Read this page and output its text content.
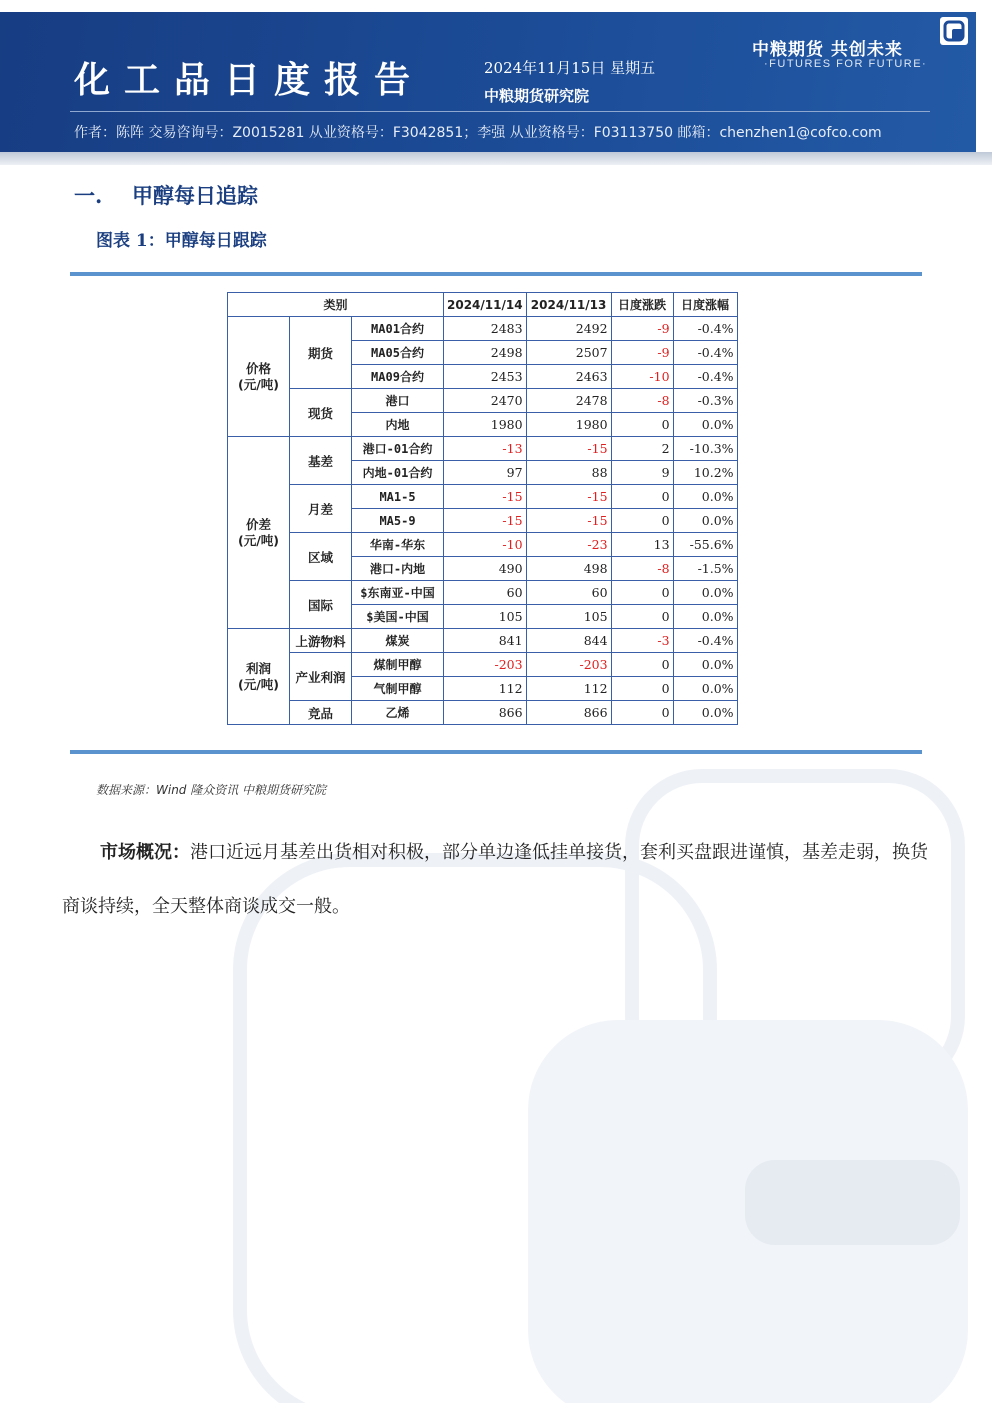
化工品日度报告	2024年11月15日 星期五
中粮期货研究院
作者：陈阵 交易咨询号：Z0015281 从业资格号：F3042851；李强 从业资格号：F03113750 邮箱：chenzhen1@cofco.com
中粮期货 共创未来
·FUTURES FOR FUTURE·
一. 甲醇每日追踪
图表 1：甲醇每日跟踪
类别			2024/11/14	2024/11/13	日度涨跌	日度涨幅
价格
(元/吨)	期货	MA01合约	2483	2492	-9	-0.4%
		MA05合约	2498	2507	-9	-0.4%
		MA09合约	2453	2463	-10	-0.4%
	现货	港口	2470	2478	-8	-0.3%
		内地	1980	1980	0	0.0%
价差
(元/吨)	基差	港口-01合约	-13	-15	2	-10.3%
		内地-01合约	97	88	9	10.2%
	月差	MA1-5	-15	-15	0	0.0%
		MA5-9	-15	-15	0	0.0%
	区域	华南-华东	-10	-23	13	-55.6%
		港口-内地	490	498	-8	-1.5%
	国际	$东南亚-中国	60	60	0	0.0%
		$美国-中国	105	105	0	0.0%
利润
(元/吨)	上游物料	煤炭	841	844	-3	-0.4%
	产业利润	煤制甲醇	-203	-203	0	0.0%
		气制甲醇	112	112	0	0.0%
	竞品	乙烯	866	866	0	0.0%
数据来源：Wind 隆众资讯 中粮期货研究院
市场概况：港口近远月基差出货相对积极，部分单边逢低挂单接货，套利买盘跟进谨慎，基差走弱，换货商谈持续，全天整体商谈成交一般。
